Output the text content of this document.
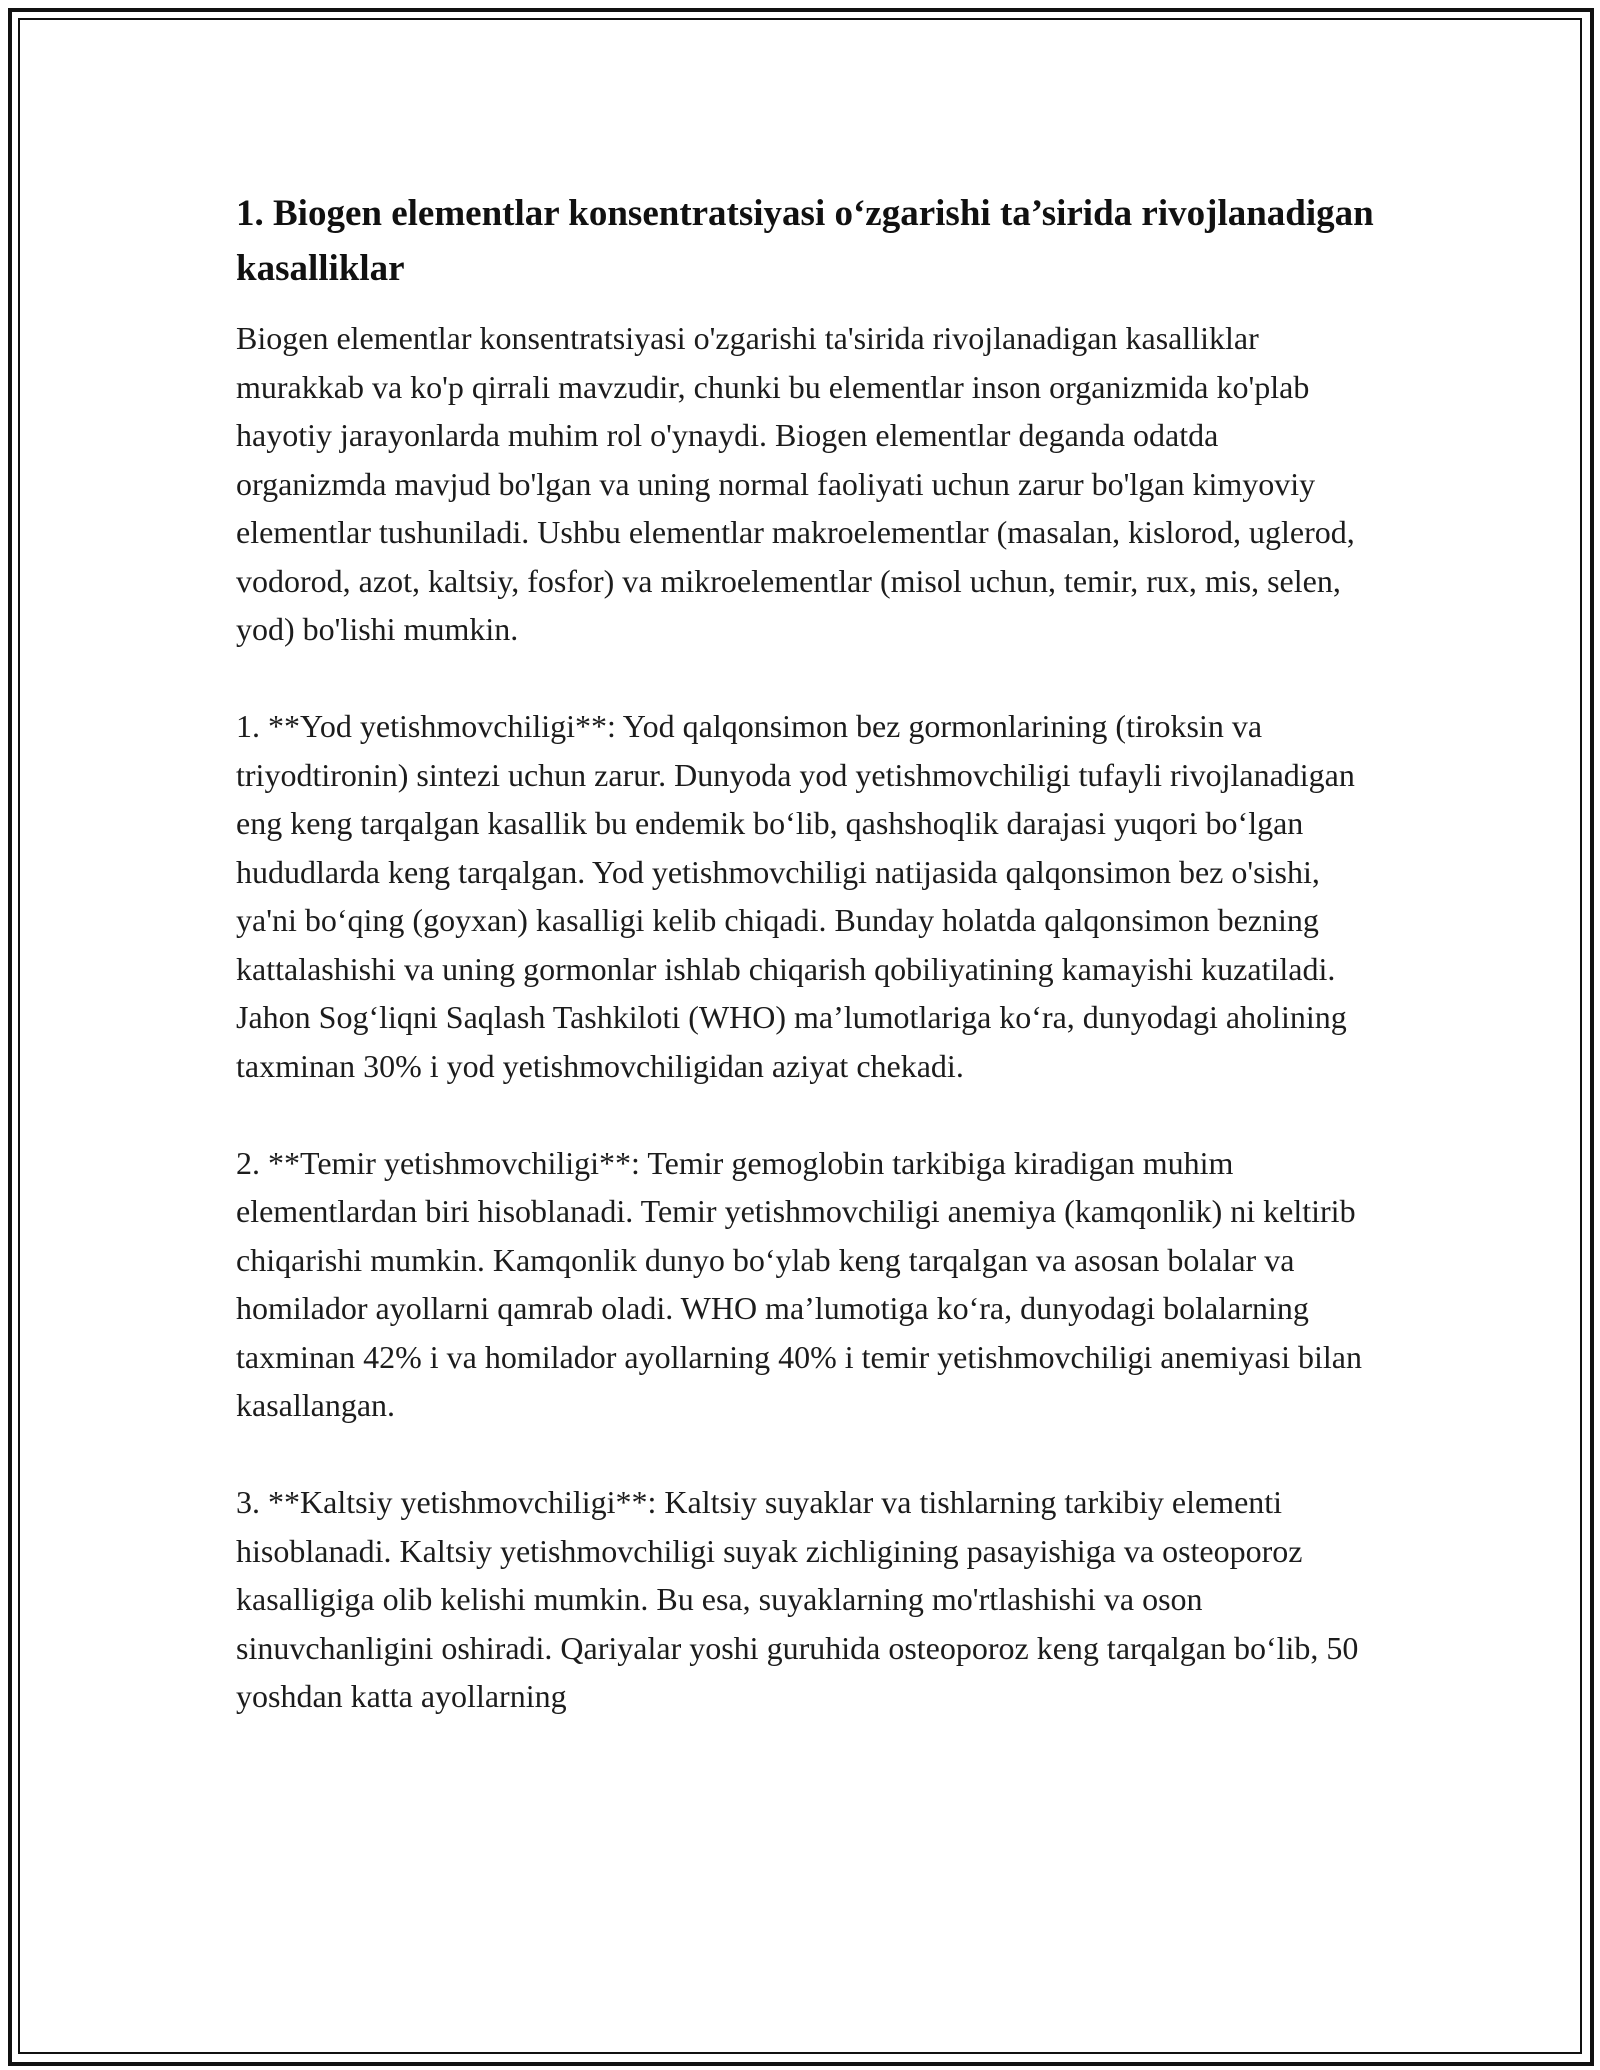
1. Biogen elementlar konsentratsiyasi o‘zgarishi ta’sirida rivojlanadigan kasalliklar

Biogen elementlar konsentratsiyasi o'zgarishi ta'sirida rivojlanadigan kasalliklar murakkab va ko'p qirrali mavzudir, chunki bu elementlar inson organizmida ko'plab hayotiy jarayonlarda muhim rol o'ynaydi. Biogen elementlar deganda odatda organizmda mavjud bo'lgan va uning normal faoliyati uchun zarur bo'lgan kimyoviy elementlar tushuniladi. Ushbu elementlar makroelementlar (masalan, kislorod, uglerod, vodorod, azot, kaltsiy, fosfor) va mikroelementlar (misol uchun, temir, rux, mis, selen, yod) bo'lishi mumkin.

1. **Yod yetishmovchiligi**: Yod qalqonsimon bez gormonlarining (tiroksin va triyodtironin) sintezi uchun zarur. Dunyoda yod yetishmovchiligi tufayli rivojlanadigan eng keng tarqalgan kasallik bu endemik bo‘lib, qashshoqlik darajasi yuqori bo‘lgan hududlarda keng tarqalgan. Yod yetishmovchiligi natijasida qalqonsimon bez o'sishi, ya'ni bo‘qing (goyxan) kasalligi kelib chiqadi. Bunday holatda qalqonsimon bezning kattalashishi va uning gormonlar ishlab chiqarish qobiliyatining kamayishi kuzatiladi. Jahon Sog‘liqni Saqlash Tashkiloti (WHO) ma’lumotlariga ko‘ra, dunyodagi aholining taxminan 30% i yod yetishmovchiligidan aziyat chekadi.

2. **Temir yetishmovchiligi**: Temir gemoglobin tarkibiga kiradigan muhim elementlardan biri hisoblanadi. Temir yetishmovchiligi anemiya (kamqonlik) ni keltirib chiqarishi mumkin. Kamqonlik dunyo bo‘ylab keng tarqalgan va asosan bolalar va homilador ayollarni qamrab oladi. WHO ma’lumotiga ko‘ra, dunyodagi bolalarning taxminan 42% i va homilador ayollarning 40% i temir yetishmovchiligi anemiyasi bilan kasallangan.

3. **Kaltsiy yetishmovchiligi**: Kaltsiy suyaklar va tishlarning tarkibiy elementi hisoblanadi. Kaltsiy yetishmovchiligi suyak zichligining pasayishiga va osteoporoz kasalligiga olib kelishi mumkin. Bu esa, suyaklarning mo'rtlashishi va oson sinuvchanligini oshiradi. Qariyalar yoshi guruhida osteoporoz keng tarqalgan bo‘lib, 50 yoshdan katta ayollarning
